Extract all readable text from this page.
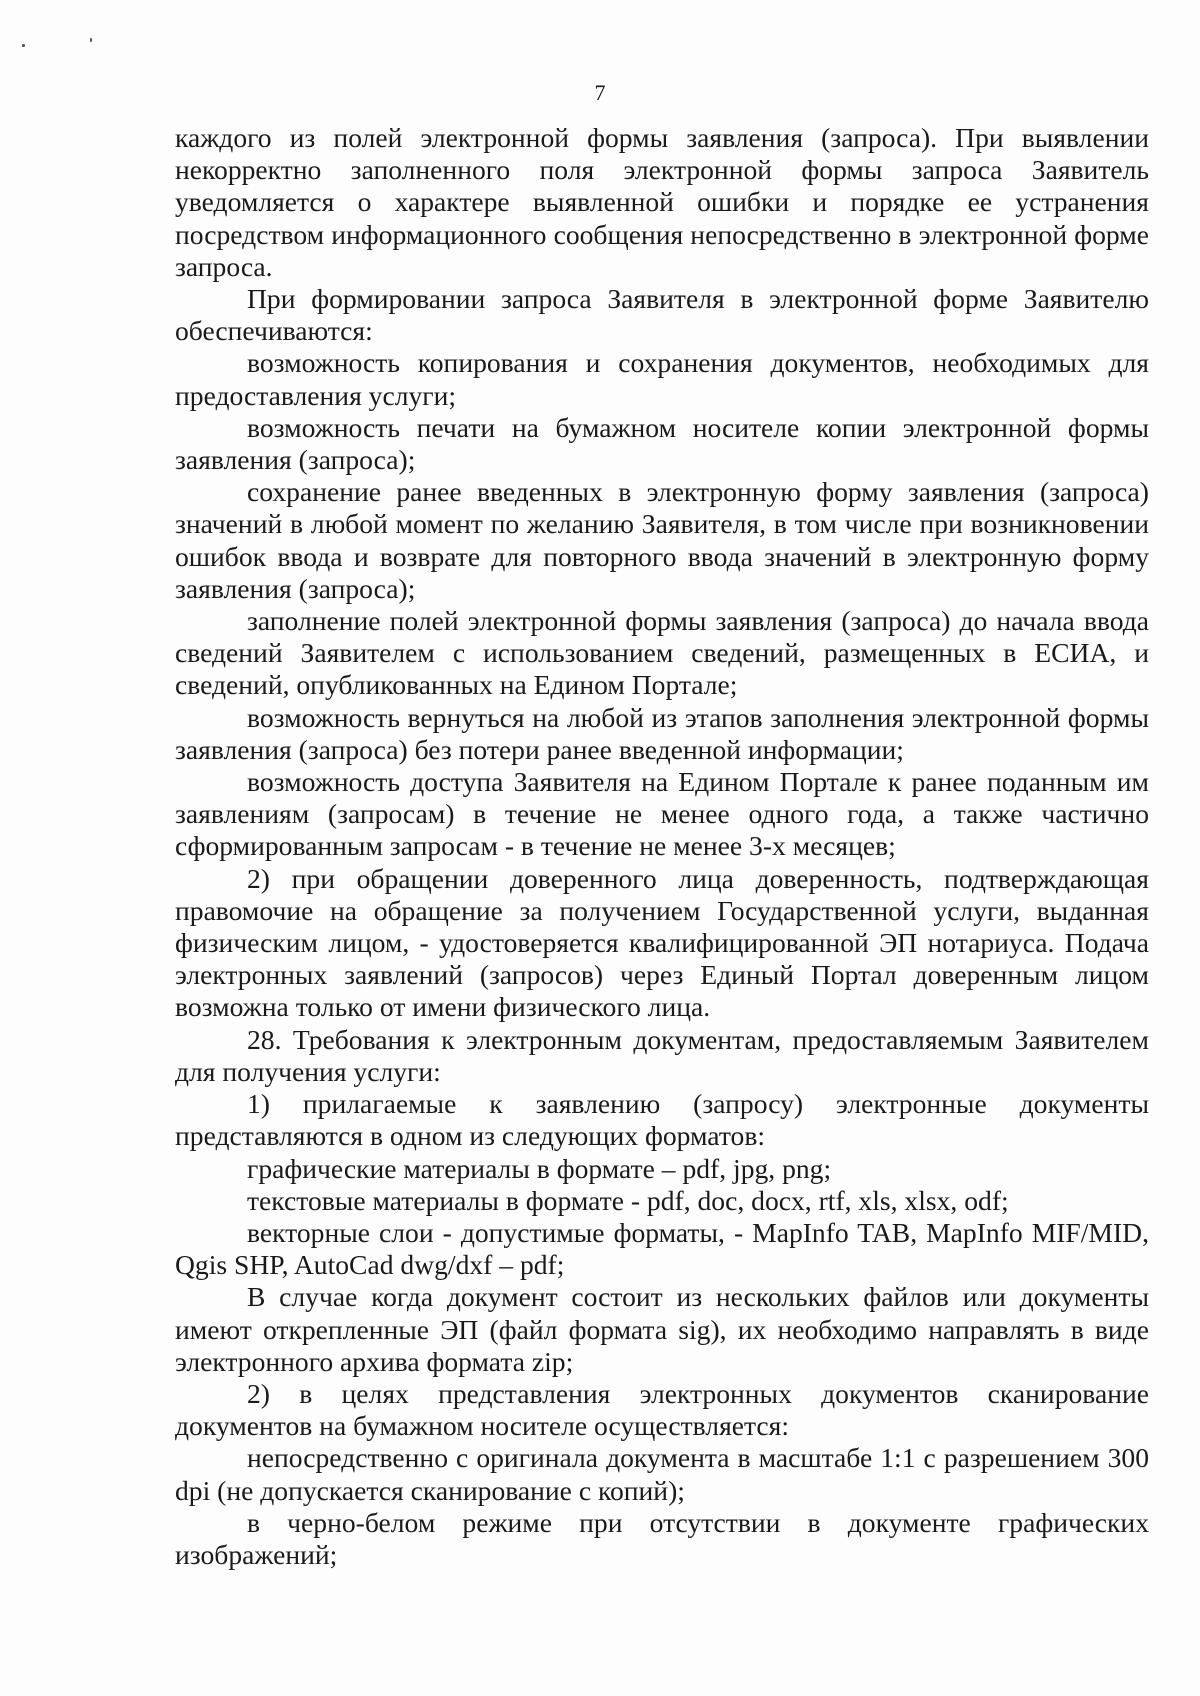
7

каждого из полей электронной формы заявления (запроса). При выявлении некорректно заполненного поля электронной формы запроса Заявитель уведомляется о характере выявленной ошибки и порядке ее устранения посредством информационного сообщения непосредственно в электронной форме запроса.

При формировании запроса Заявителя в электронной форме Заявителю обеспечиваются:

возможность копирования и сохранения документов, необходимых для предоставления услуги;

возможность печати на бумажном носителе копии электронной формы заявления (запроса);

сохранение ранее введенных в электронную форму заявления (запроса) значений в любой момент по желанию Заявителя, в том числе при возникновении ошибок ввода и возврате для повторного ввода значений в электронную форму заявления (запроса);

заполнение полей электронной формы заявления (запроса) до начала ввода сведений Заявителем с использованием сведений, размещенных в ЕСИА, и сведений, опубликованных на Едином Портале;

возможность вернуться на любой из этапов заполнения электронной формы заявления (запроса) без потери ранее введенной информации;

возможность доступа Заявителя на Едином Портале к ранее поданным им заявлениям (запросам) в течение не менее одного года, а также частично сформированным запросам - в течение не менее 3-х месяцев;

2) при обращении доверенного лица доверенность, подтверждающая правомочие на обращение за получением Государственной услуги, выданная физическим лицом, - удостоверяется квалифицированной ЭП нотариуса. Подача электронных заявлений (запросов) через Единый Портал доверенным лицом возможна только от имени физического лица.

28. Требования к электронным документам, предоставляемым Заявителем для получения услуги:

1) прилагаемые к заявлению (запросу) электронные документы представляются в одном из следующих форматов:

графические материалы в формате – pdf, jpg, png;

текстовые материалы в формате - pdf, doc, docx, rtf, xls, xlsx, odf;

векторные слои - допустимые форматы, - MapInfo TAB, MapInfo MIF/MID, Qgis SHP, AutoCad dwg/dxf – pdf;

В случае когда документ состоит из нескольких файлов или документы имеют открепленные ЭП (файл формата sig), их необходимо направлять в виде электронного архива формата zip;

2) в целях представления электронных документов сканирование документов на бумажном носителе осуществляется:

непосредственно с оригинала документа в масштабе 1:1 с разрешением 300 dpi (не допускается сканирование с копий);

в черно-белом режиме при отсутствии в документе графических изображений;
